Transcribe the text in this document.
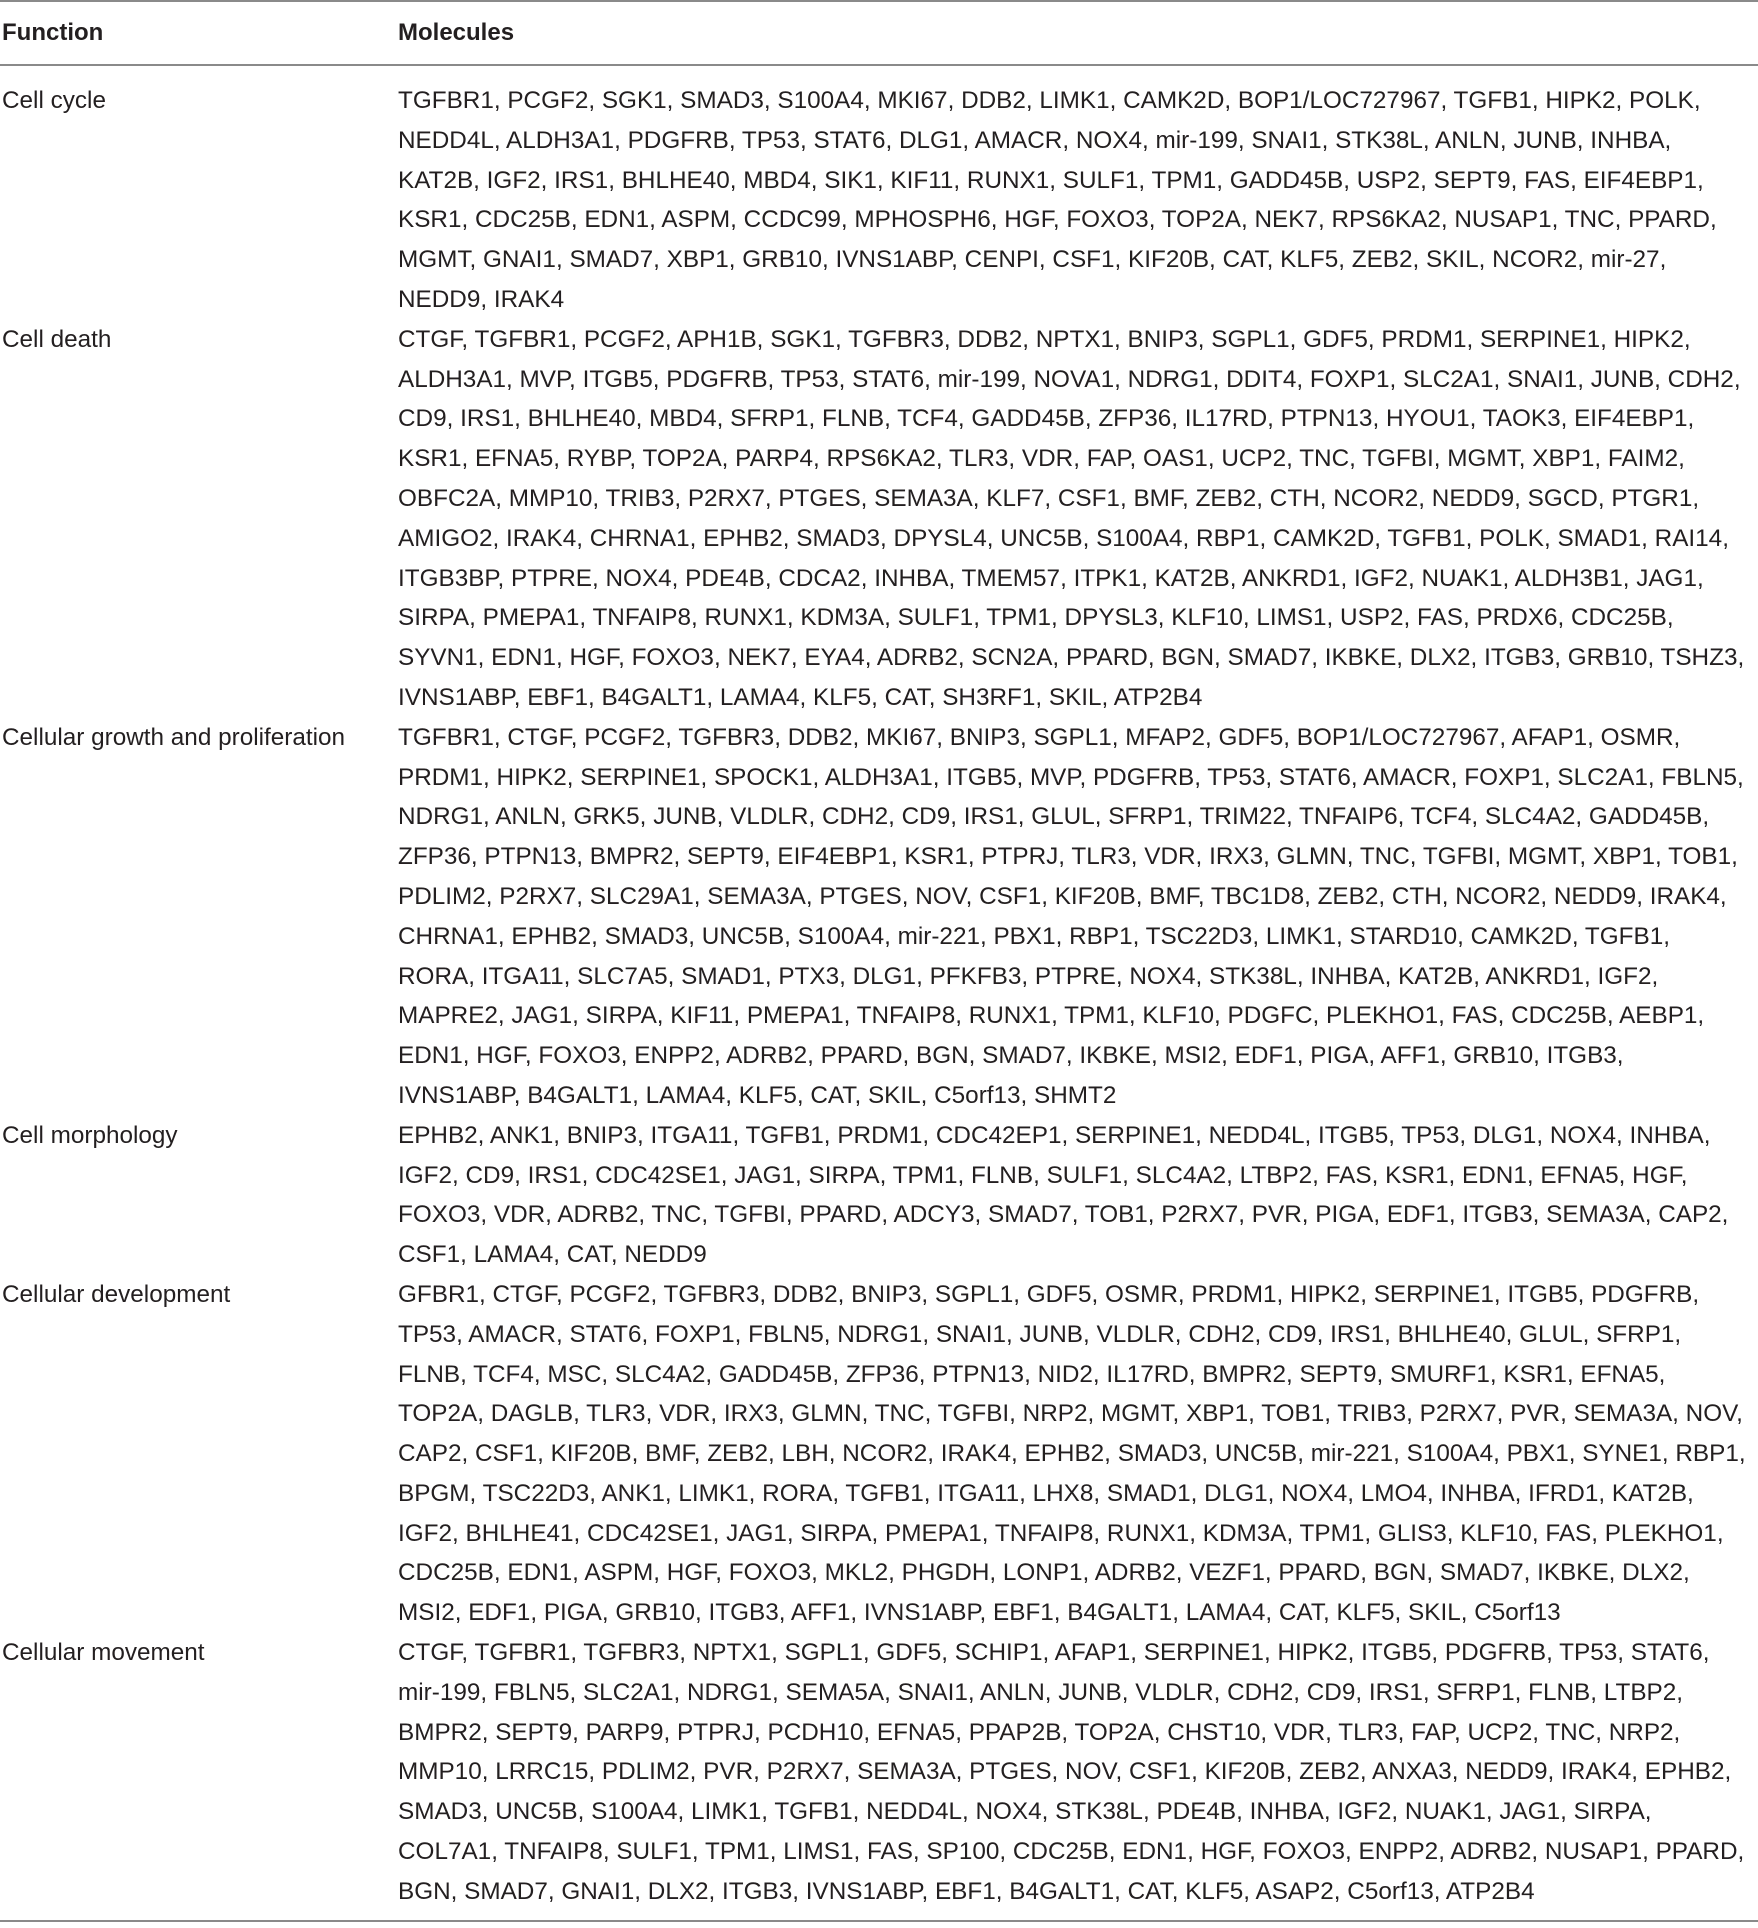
Function	Molecules
Cell cycle	TGFBR1, PCGF2, SGK1, SMAD3, S100A4, MKI67, DDB2, LIMK1, CAMK2D, BOP1/LOC727967, TGFB1, HIPK2, POLK, NEDD4L, ALDH3A1, PDGFRB, TP53, STAT6, DLG1, AMACR, NOX4, mir-199, SNAI1, STK38L, ANLN, JUNB, INHBA, KAT2B, IGF2, IRS1, BHLHE40, MBD4, SIK1, KIF11, RUNX1, SULF1, TPM1, GADD45B, USP2, SEPT9, FAS, EIF4EBP1, KSR1, CDC25B, EDN1, ASPM, CCDC99, MPHOSPH6, HGF, FOXO3, TOP2A, NEK7, RPS6KA2, NUSAP1, TNC, PPARD, MGMT, GNAI1, SMAD7, XBP1, GRB10, IVNS1ABP, CENPI, CSF1, KIF20B, CAT, KLF5, ZEB2, SKIL, NCOR2, mir-27, NEDD9, IRAK4
Cell death	CTGF, TGFBR1, PCGF2, APH1B, SGK1, TGFBR3, DDB2, NPTX1, BNIP3, SGPL1, GDF5, PRDM1, SERPINE1, HIPK2, ALDH3A1, MVP, ITGB5, PDGFRB, TP53, STAT6, mir-199, NOVA1, NDRG1, DDIT4, FOXP1, SLC2A1, SNAI1, JUNB, CDH2, CD9, IRS1, BHLHE40, MBD4, SFRP1, FLNB, TCF4, GADD45B, ZFP36, IL17RD, PTPN13, HYOU1, TAOK3, EIF4EBP1, KSR1, EFNA5, RYBP, TOP2A, PARP4, RPS6KA2, TLR3, VDR, FAP, OAS1, UCP2, TNC, TGFBI, MGMT, XBP1, FAIM2, OBFC2A, MMP10, TRIB3, P2RX7, PTGES, SEMA3A, KLF7, CSF1, BMF, ZEB2, CTH, NCOR2, NEDD9, SGCD, PTGR1, AMIGO2, IRAK4, CHRNA1, EPHB2, SMAD3, DPYSL4, UNC5B, S100A4, RBP1, CAMK2D, TGFB1, POLK, SMAD1, RAI14, ITGB3BP, PTPRE, NOX4, PDE4B, CDCA2, INHBA, TMEM57, ITPK1, KAT2B, ANKRD1, IGF2, NUAK1, ALDH3B1, JAG1, SIRPA, PMEPA1, TNFAIP8, RUNX1, KDM3A, SULF1, TPM1, DPYSL3, KLF10, LIMS1, USP2, FAS, PRDX6, CDC25B, SYVN1, EDN1, HGF, FOXO3, NEK7, EYA4, ADRB2, SCN2A, PPARD, BGN, SMAD7, IKBKE, DLX2, ITGB3, GRB10, TSHZ3, IVNS1ABP, EBF1, B4GALT1, LAMA4, KLF5, CAT, SH3RF1, SKIL, ATP2B4
Cellular growth and proliferation	TGFBR1, CTGF, PCGF2, TGFBR3, DDB2, MKI67, BNIP3, SGPL1, MFAP2, GDF5, BOP1/LOC727967, AFAP1, OSMR, PRDM1, HIPK2, SERPINE1, SPOCK1, ALDH3A1, ITGB5, MVP, PDGFRB, TP53, STAT6, AMACR, FOXP1, SLC2A1, FBLN5, NDRG1, ANLN, GRK5, JUNB, VLDLR, CDH2, CD9, IRS1, GLUL, SFRP1, TRIM22, TNFAIP6, TCF4, SLC4A2, GADD45B, ZFP36, PTPN13, BMPR2, SEPT9, EIF4EBP1, KSR1, PTPRJ, TLR3, VDR, IRX3, GLMN, TNC, TGFBI, MGMT, XBP1, TOB1, PDLIM2, P2RX7, SLC29A1, SEMA3A, PTGES, NOV, CSF1, KIF20B, BMF, TBC1D8, ZEB2, CTH, NCOR2, NEDD9, IRAK4, CHRNA1, EPHB2, SMAD3, UNC5B, S100A4, mir-221, PBX1, RBP1, TSC22D3, LIMK1, STARD10, CAMK2D, TGFB1, RORA, ITGA11, SLC7A5, SMAD1, PTX3, DLG1, PFKFB3, PTPRE, NOX4, STK38L, INHBA, KAT2B, ANKRD1, IGF2, MAPRE2, JAG1, SIRPA, KIF11, PMEPA1, TNFAIP8, RUNX1, TPM1, KLF10, PDGFC, PLEKHO1, FAS, CDC25B, AEBP1, EDN1, HGF, FOXO3, ENPP2, ADRB2, PPARD, BGN, SMAD7, IKBKE, MSI2, EDF1, PIGA, AFF1, GRB10, ITGB3, IVNS1ABP, B4GALT1, LAMA4, KLF5, CAT, SKIL, C5orf13, SHMT2
Cell morphology	EPHB2, ANK1, BNIP3, ITGA11, TGFB1, PRDM1, CDC42EP1, SERPINE1, NEDD4L, ITGB5, TP53, DLG1, NOX4, INHBA, IGF2, CD9, IRS1, CDC42SE1, JAG1, SIRPA, TPM1, FLNB, SULF1, SLC4A2, LTBP2, FAS, KSR1, EDN1, EFNA5, HGF, FOXO3, VDR, ADRB2, TNC, TGFBI, PPARD, ADCY3, SMAD7, TOB1, P2RX7, PVR, PIGA, EDF1, ITGB3, SEMA3A, CAP2, CSF1, LAMA4, CAT, NEDD9
Cellular development	GFBR1, CTGF, PCGF2, TGFBR3, DDB2, BNIP3, SGPL1, GDF5, OSMR, PRDM1, HIPK2, SERPINE1, ITGB5, PDGFRB, TP53, AMACR, STAT6, FOXP1, FBLN5, NDRG1, SNAI1, JUNB, VLDLR, CDH2, CD9, IRS1, BHLHE40, GLUL, SFRP1, FLNB, TCF4, MSC, SLC4A2, GADD45B, ZFP36, PTPN13, NID2, IL17RD, BMPR2, SEPT9, SMURF1, KSR1, EFNA5, TOP2A, DAGLB, TLR3, VDR, IRX3, GLMN, TNC, TGFBI, NRP2, MGMT, XBP1, TOB1, TRIB3, P2RX7, PVR, SEMA3A, NOV, CAP2, CSF1, KIF20B, BMF, ZEB2, LBH, NCOR2, IRAK4, EPHB2, SMAD3, UNC5B, mir-221, S100A4, PBX1, SYNE1, RBP1, BPGM, TSC22D3, ANK1, LIMK1, RORA, TGFB1, ITGA11, LHX8, SMAD1, DLG1, NOX4, LMO4, INHBA, IFRD1, KAT2B, IGF2, BHLHE41, CDC42SE1, JAG1, SIRPA, PMEPA1, TNFAIP8, RUNX1, KDM3A, TPM1, GLIS3, KLF10, FAS, PLEKHO1, CDC25B, EDN1, ASPM, HGF, FOXO3, MKL2, PHGDH, LONP1, ADRB2, VEZF1, PPARD, BGN, SMAD7, IKBKE, DLX2, MSI2, EDF1, PIGA, GRB10, ITGB3, AFF1, IVNS1ABP, EBF1, B4GALT1, LAMA4, CAT, KLF5, SKIL, C5orf13
Cellular movement	CTGF, TGFBR1, TGFBR3, NPTX1, SGPL1, GDF5, SCHIP1, AFAP1, SERPINE1, HIPK2, ITGB5, PDGFRB, TP53, STAT6, mir-199, FBLN5, SLC2A1, NDRG1, SEMA5A, SNAI1, ANLN, JUNB, VLDLR, CDH2, CD9, IRS1, SFRP1, FLNB, LTBP2, BMPR2, SEPT9, PARP9, PTPRJ, PCDH10, EFNA5, PPAP2B, TOP2A, CHST10, VDR, TLR3, FAP, UCP2, TNC, NRP2, MMP10, LRRC15, PDLIM2, PVR, P2RX7, SEMA3A, PTGES, NOV, CSF1, KIF20B, ZEB2, ANXA3, NEDD9, IRAK4, EPHB2, SMAD3, UNC5B, S100A4, LIMK1, TGFB1, NEDD4L, NOX4, STK38L, PDE4B, INHBA, IGF2, NUAK1, JAG1, SIRPA, COL7A1, TNFAIP8, SULF1, TPM1, LIMS1, FAS, SP100, CDC25B, EDN1, HGF, FOXO3, ENPP2, ADRB2, NUSAP1, PPARD, BGN, SMAD7, GNAI1, DLX2, ITGB3, IVNS1ABP, EBF1, B4GALT1, CAT, KLF5, ASAP2, C5orf13, ATP2B4
